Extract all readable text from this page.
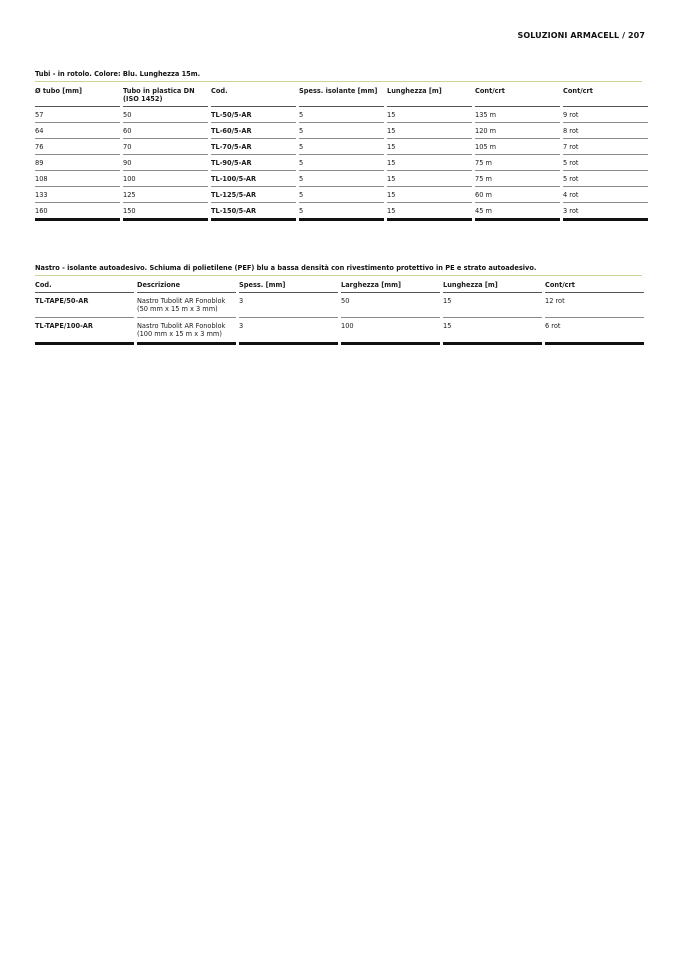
SOLUZIONI ARMACELL / 207
Tubi - in rotolo. Colore: Blu. Lunghezza 15m.
Ø tubo [mm]	Tubo in plastica DN (ISO 1452)	Cod.	Spess. isolante [mm]	Lunghezza [m]	Cont/crt	Cont/crt
57	50	TL-50/5-AR	5	15	135 m	9 rot
64	60	TL-60/5-AR	5	15	120 m	8 rot
76	70	TL-70/5-AR	5	15	105 m	7 rot
89	90	TL-90/5-AR	5	15	75 m	5 rot
108	100	TL-100/5-AR	5	15	75 m	5 rot
133	125	TL-125/5-AR	5	15	60 m	4 rot
160	150	TL-150/5-AR	5	15	45 m	3 rot
Nastro - isolante autoadesivo. Schiuma di polietilene (PEF) blu a bassa densità con rivestimento protettivo in PE e strato autoadesivo.
Cod.	Descrizione	Spess. [mm]	Larghezza [mm]	Lunghezza [m]	Cont/crt
TL-TAPE/50-AR	Nastro Tubolit AR Fonoblok (50 mm x 15 m x 3 mm)	3	50	15	12 rot
TL-TAPE/100-AR	Nastro Tubolit AR Fonoblok (100 mm x 15 m x 3 mm)	3	100	15	6 rot
